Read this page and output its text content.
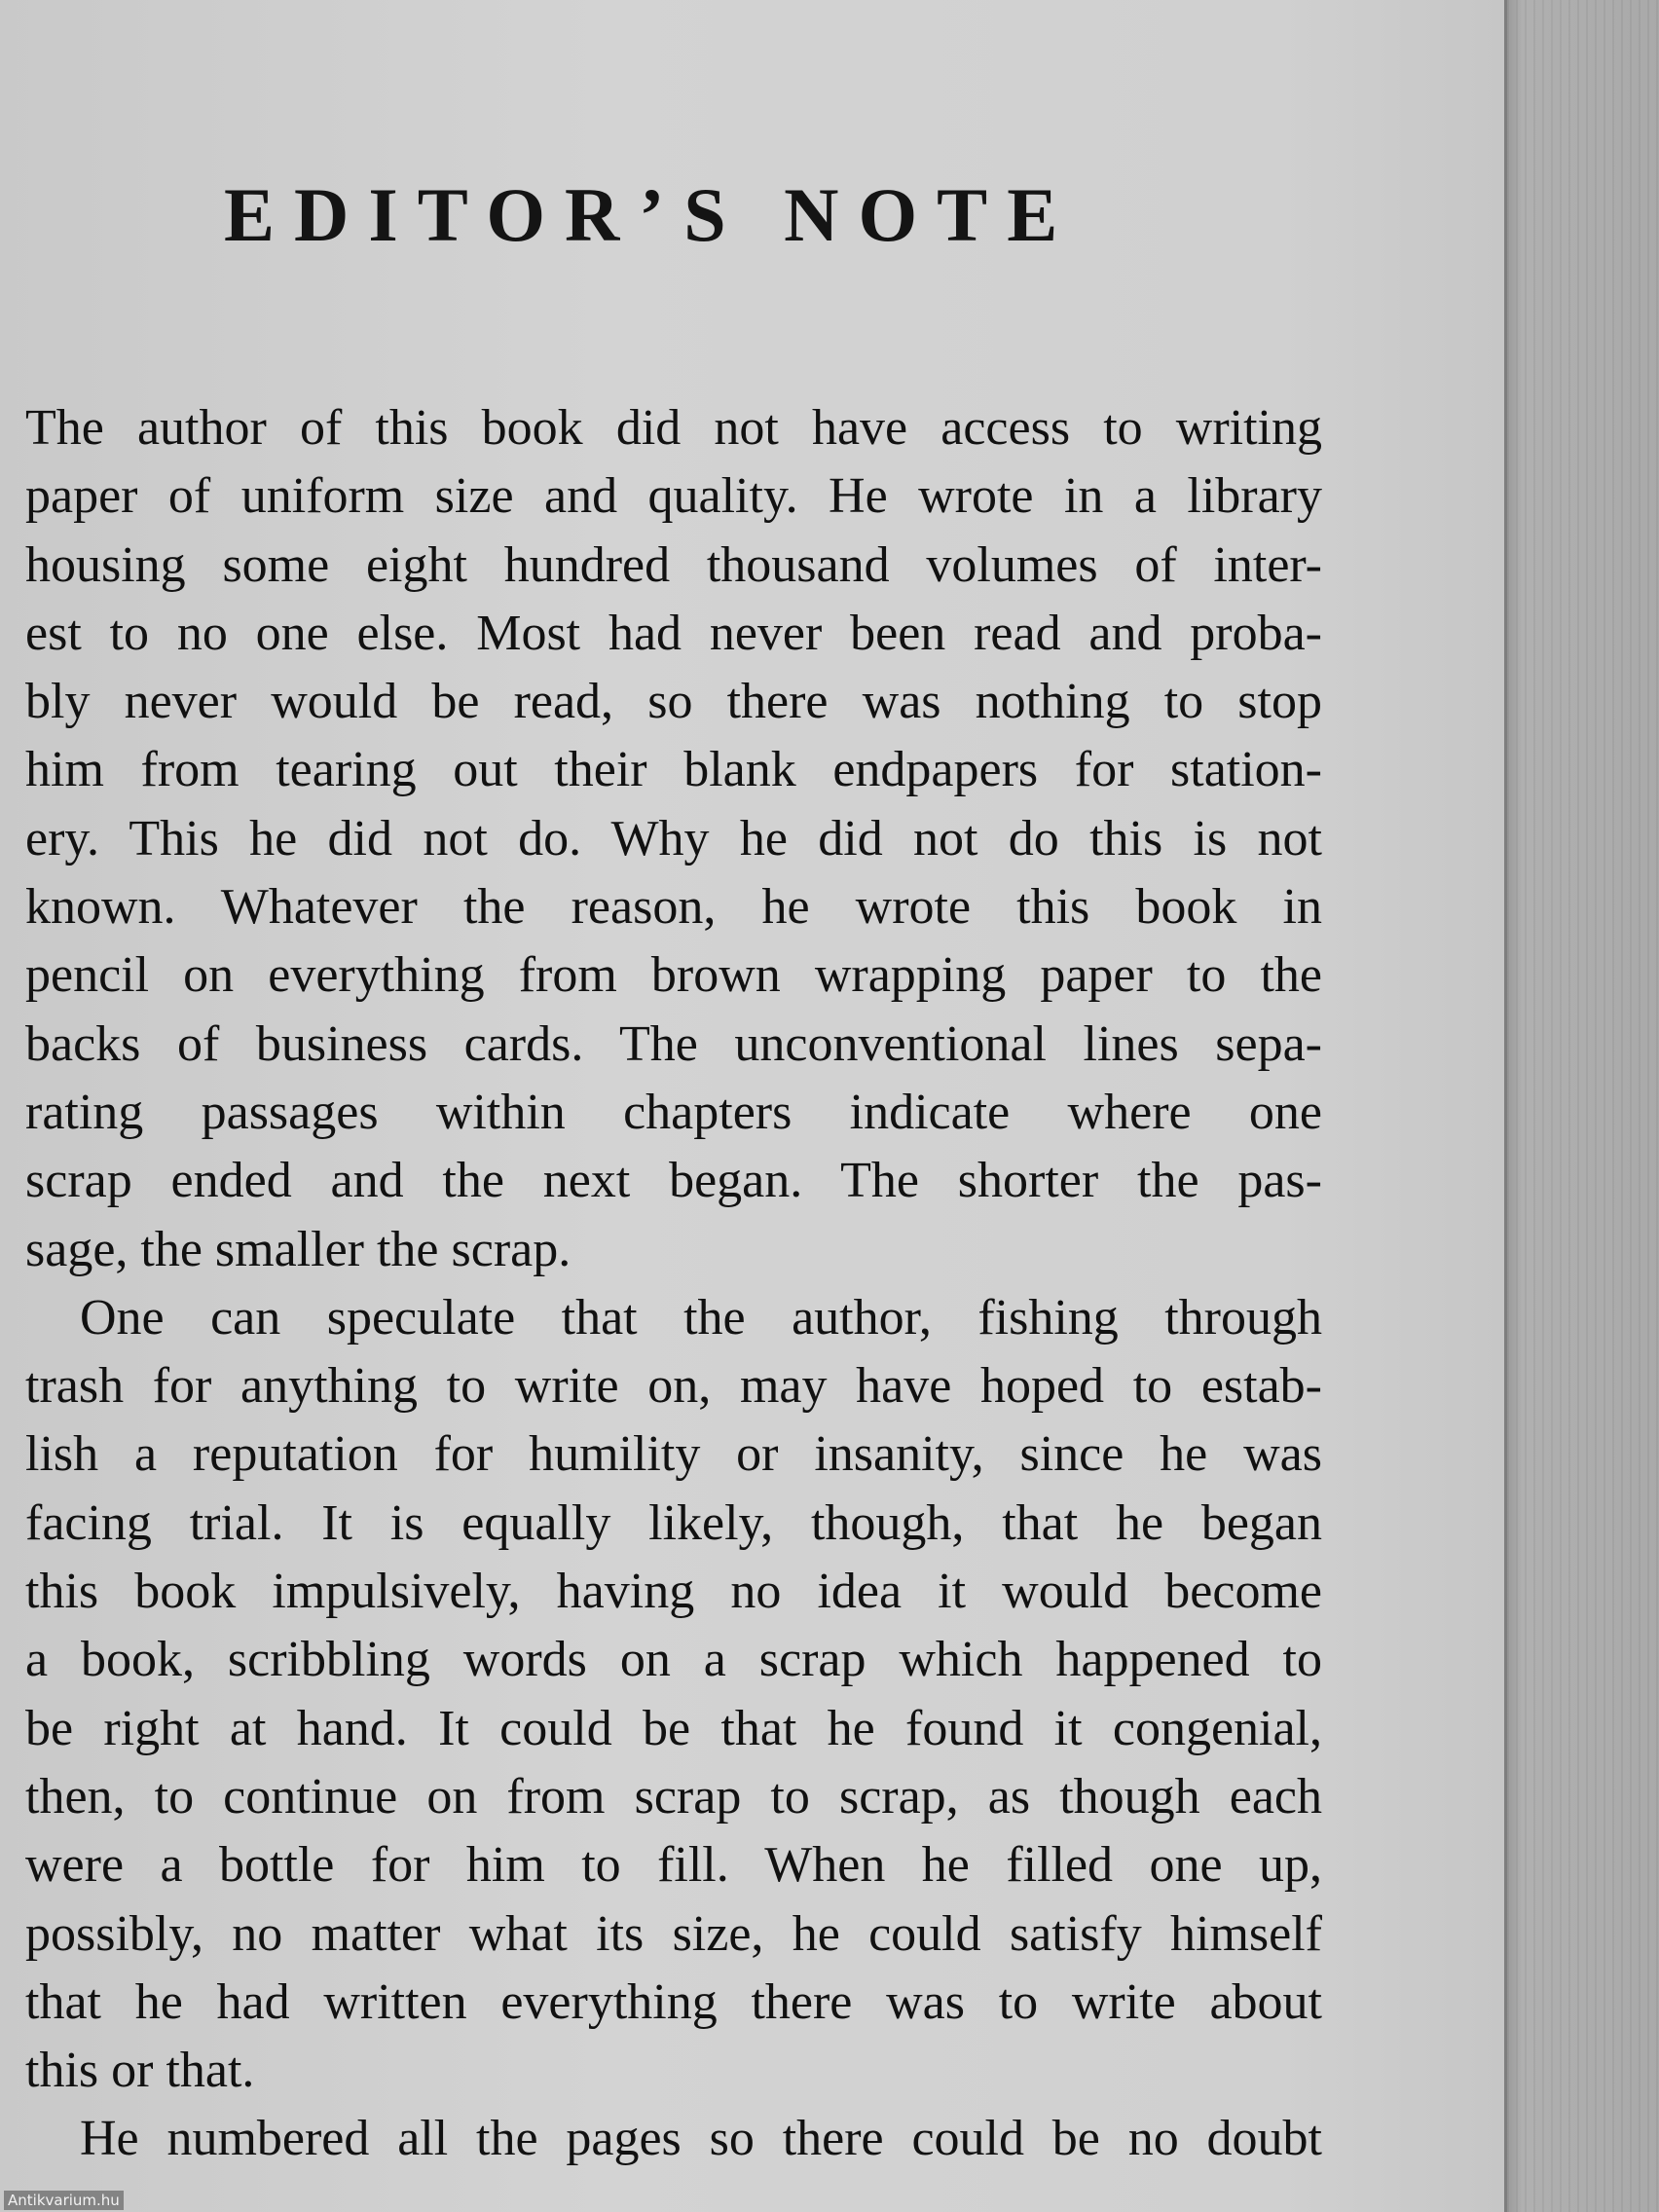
EDITOR’S NOTE

The author of this book did not have access to writing
paper of uniform size and quality. He wrote in a library
housing some eight hundred thousand volumes of inter-
est to no one else. Most had never been read and proba-
bly never would be read, so there was nothing to stop
him from tearing out their blank endpapers for station-
ery. This he did not do. Why he did not do this is not
known. Whatever the reason, he wrote this book in
pencil on everything from brown wrapping paper to the
backs of business cards. The unconventional lines sepa-
rating passages within chapters indicate where one
scrap ended and the next began. The shorter the pas-
sage, the smaller the scrap.

One can speculate that the author, fishing through
trash for anything to write on, may have hoped to estab-
lish a reputation for humility or insanity, since he was
facing trial. It is equally likely, though, that he began
this book impulsively, having no idea it would become
a book, scribbling words on a scrap which happened to
be right at hand. It could be that he found it congenial,
then, to continue on from scrap to scrap, as though each
were a bottle for him to fill. When he filled one up,
possibly, no matter what its size, he could satisfy himself
that he had written everything there was to write about
this or that.

He numbered all the pages so there could be no doubt

Antikvarium.hu
